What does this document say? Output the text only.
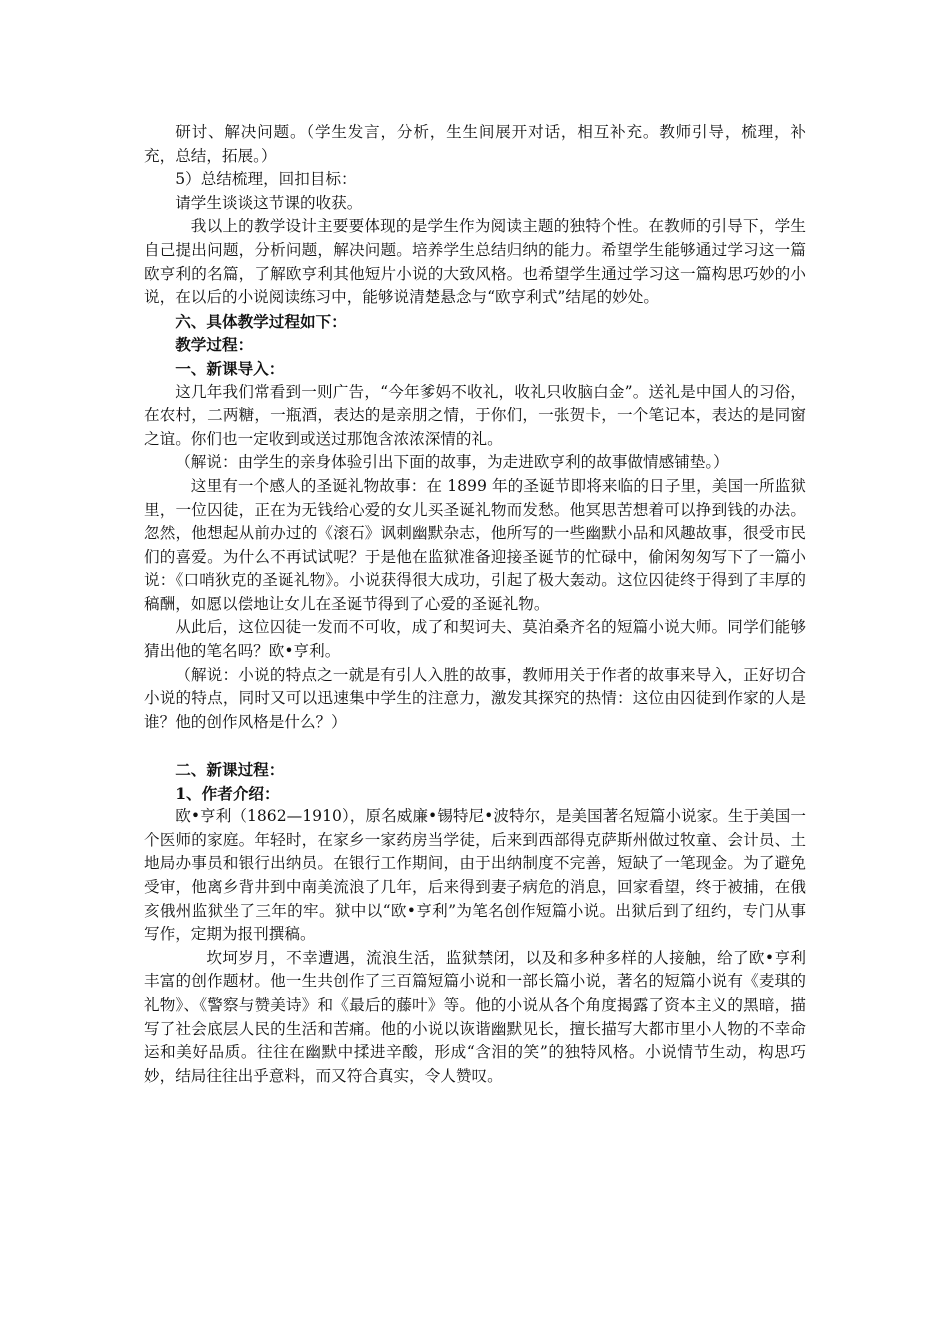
研讨、解决问题。（学生发言，分析，生生间展开对话，相互补充。教师引导，梳理，补充，总结，拓展。）

5）总结梳理，回扣目标：

请学生谈谈这节课的收获。

我以上的教学设计主要要体现的是学生作为阅读主题的独特个性。在教师的引导下，学生自己提出问题，分析问题，解决问题。培养学生总结归纳的能力。希望学生能够通过学习这一篇欧亨利的名篇，了解欧亨利其他短片小说的大致风格。也希望学生通过学习这一篇构思巧妙的小说，在以后的小说阅读练习中，能够说清楚悬念与“欧亨利式”结尾的妙处。

六、具体教学过程如下：

教学过程：

一、新课导入：

这几年我们常看到一则广告，“今年爹妈不收礼，收礼只收脑白金”。送礼是中国人的习俗，在农村，二两糖，一瓶酒，表达的是亲朋之情，于你们，一张贺卡，一个笔记本，表达的是同窗之谊。你们也一定收到或送过那饱含浓浓深情的礼。

（解说：由学生的亲身体验引出下面的故事，为走进欧亨利的故事做情感铺垫。）

这里有一个感人的圣诞礼物故事：在 1899 年的圣诞节即将来临的日子里，美国一所监狱里，一位囚徒，正在为无钱给心爱的女儿买圣诞礼物而发愁。他冥思苦想着可以挣到钱的办法。忽然，他想起从前办过的《滚石》讽刺幽默杂志，他所写的一些幽默小品和风趣故事，很受市民们的喜爱。为什么不再试试呢？于是他在监狱准备迎接圣诞节的忙碌中，偷闲匆匆写下了一篇小说：《口哨狄克的圣诞礼物》。小说获得很大成功，引起了极大轰动。这位囚徒终于得到了丰厚的稿酬，如愿以偿地让女儿在圣诞节得到了心爱的圣诞礼物。

从此后，这位囚徒一发而不可收，成了和契诃夫、莫泊桑齐名的短篇小说大师。同学们能够猜出他的笔名吗？欧•亨利。

（解说：小说的特点之一就是有引人入胜的故事，教师用关于作者的故事来导入，正好切合小说的特点，同时又可以迅速集中学生的注意力，激发其探究的热情：这位由囚徒到作家的人是谁？他的创作风格是什么？）

二、新课过程：

1、作者介绍：

欧•亨利（1862—1910），原名威廉•锡特尼•波特尔，是美国著名短篇小说家。生于美国一个医师的家庭。年轻时，在家乡一家药房当学徒，后来到西部得克萨斯州做过牧童、会计员、土地局办事员和银行出纳员。在银行工作期间，由于出纳制度不完善，短缺了一笔现金。为了避免受审，他离乡背井到中南美流浪了几年，后来得到妻子病危的消息，回家看望，终于被捕，在俄亥俄州监狱坐了三年的牢。狱中以“欧•亨利”为笔名创作短篇小说。出狱后到了纽约，专门从事写作，定期为报刊撰稿。

坎坷岁月，不幸遭遇，流浪生活，监狱禁闭，以及和多种多样的人接触，给了欧•亨利丰富的创作题材。他一生共创作了三百篇短篇小说和一部长篇小说，著名的短篇小说有《麦琪的礼物》、《警察与赞美诗》和《最后的藤叶》等。他的小说从各个角度揭露了资本主义的黑暗，描写了社会底层人民的生活和苦痛。他的小说以诙谐幽默见长，擅长描写大都市里小人物的不幸命运和美好品质。往往在幽默中揉进辛酸，形成“含泪的笑”的独特风格。小说情节生动，构思巧妙，结局往往出乎意料，而又符合真实，令人赞叹。
